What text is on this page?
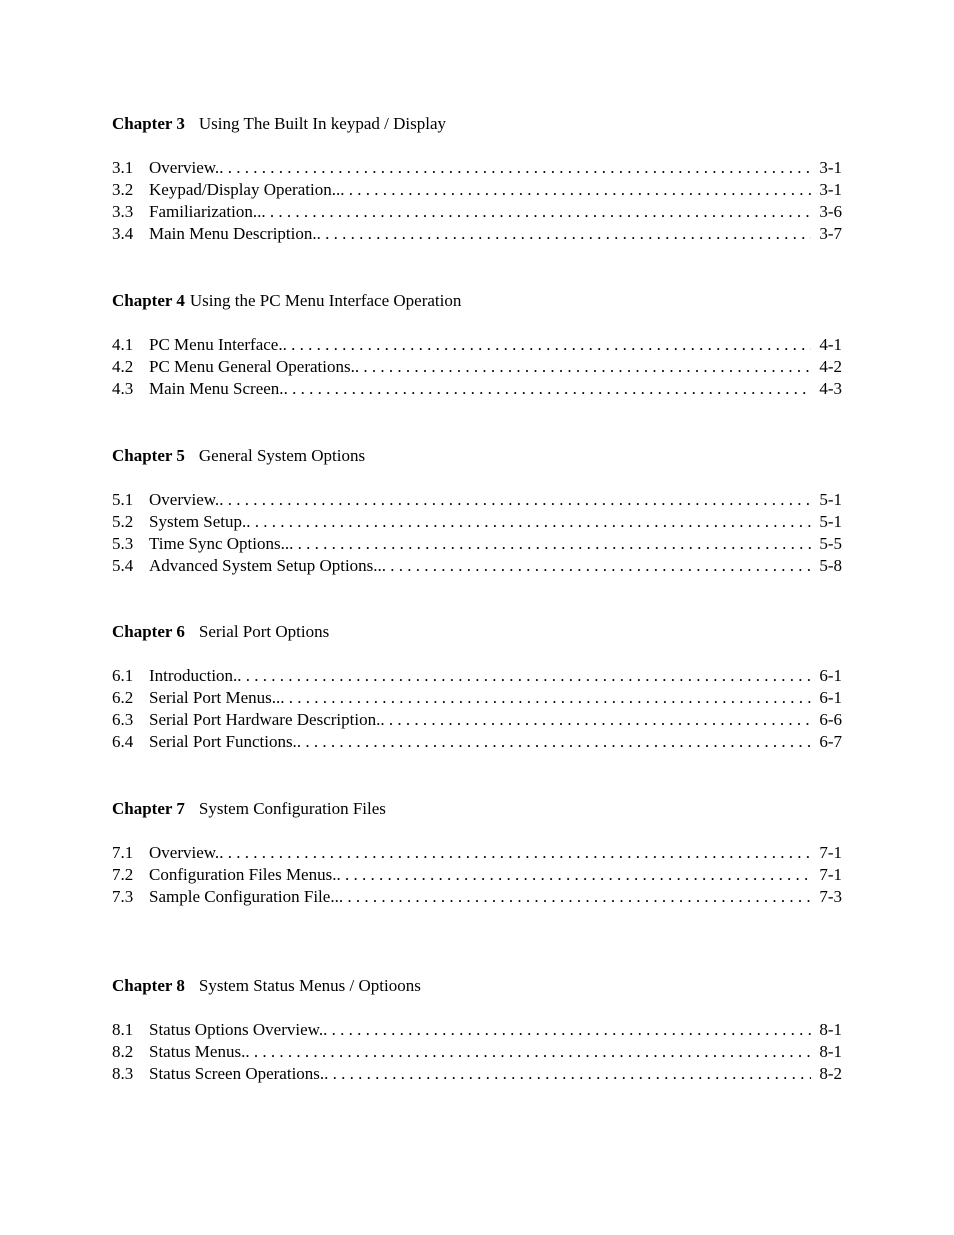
Chapter 3 Using The Built In keypad / Display
3.1 Overview. . . .	3-1
3.2 Keypad/Display Operation.. . . .	3-1
3.3 Familiarization.. . . .	3-6
3.4 Main Menu Description. . . .	3-7
Chapter 4 Using the PC Menu Interface Operation
4.1 PC Menu Interface. . . .	4-1
4.2 PC Menu General Operations. . . .	4-2
4.3 Main Menu Screen. . . .	4-3
Chapter 5 General System Options
5.1 Overview. . . .	5-1
5.2 System Setup. . . .	5-1
5.3 Time Sync Options.. . . .	5-5
5.4 Advanced System Setup Options.. . . .	5-8
Chapter 6 Serial Port Options
6.1 Introduction. . . .	6-1
6.2 Serial Port Menus.. . . .	6-1
6.3 Serial Port Hardware Description. . . .	6-6
6.4 Serial Port Functions. . . .	6-7
Chapter 7 System Configuration Files
7.1 Overview. . . .	7-1
7.2 Configuration Files Menus. . . .	7-1
7.3 Sample Configuration File.. . . .	7-3
Chapter 8 System Status Menus / Optioons
8.1 Status Options Overview. . . .	8-1
8.2 Status Menus. . . .	8-1
8.3 Status Screen Operations. . . .	8-2
